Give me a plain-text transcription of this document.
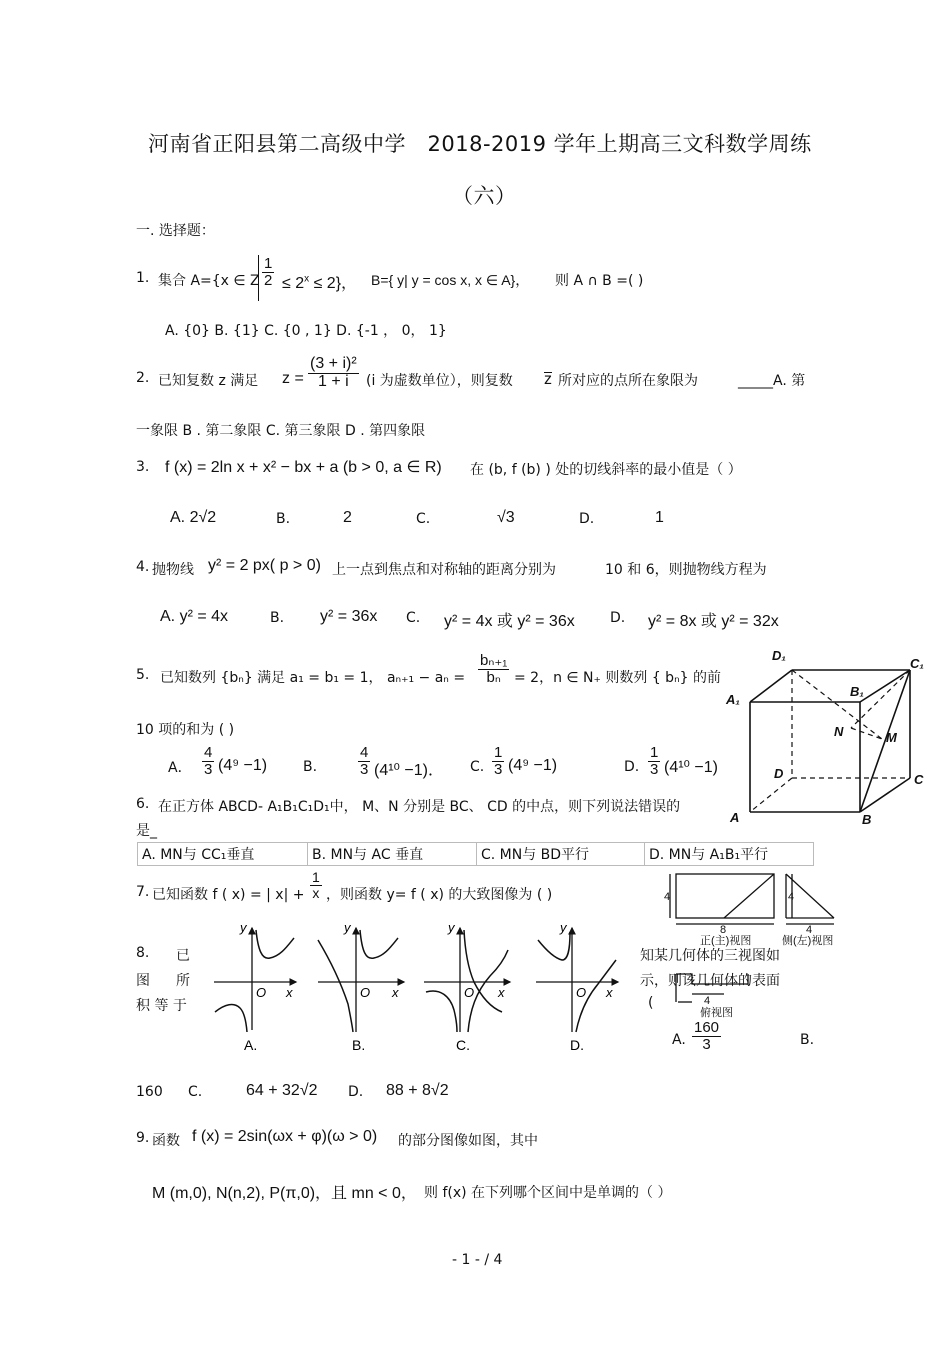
河南省正阳县第二高级中学　2018-2019 学年上期高三文科数学周练
（六）
一. 选择题：
1. 集合 A={x ∈ Z $\frac{1}{2} \le 2^x \le 2$}， B={ y| y = cos x, x ∈ A}， 则 A ∩ B =( )
A. {0} B. {1} C. {0 , 1} D. {-1 ， 0， 1}
2. 已知复数 z 满足 $z = \frac{\text{(3 + i)²}}{1 + i} (i$ 为虚数单位），则复数 z 所对应的点所在象限为	_____A. 第
一象限 B . 第二象限 C. 第三象限 D . 第四象限
3. f (x) = 2ln x + x² − bx + a (b > 0, a ∈ R) 在 (b, f (b) ) 处的切线斜率的最小值是（ ）
A. 2√2	B.	2	C.	√3	D.	1
4. 抛物线 y² = 2 px( p > 0) 上一点到焦点和对称轴的距离分别为	10 和 6，则抛物线方程为
A. y² = 4x	B. y² = 36x C. y² = 4x 或 y² = 36x	D. y² = 8x 或 y² = 32x
5. 已知数列 {bₙ} 满足 a₁ = b₁ = 1， $a_{n+1} - a_n = \frac{\text{bₙ₊₁}}{\text{bₙ}} = 2$，n ∈ N₊ 则数列 { bₙ} 的前
10 项的和为 ( )
A． $\frac{4}{3} (4^9 -1)$	B.	$\frac{4}{3} (4^{10} -1)$． C. $\frac{1}{3} (4^9 -1)$	D. $\frac{1}{3} (4^{10} -1)$
D₁
C₁
B₁
A₁
N	M
D	C
A	B
6. 在正方体 ABCD- A₁B₁C₁D₁中， M、N 分别是 BC、 CD 的中点，则下列说法错误的
是_
A. MN与 CC₁垂直	B. MN与 AC 垂直	C. MN与 BD平行	D. MN与 A₁B₁平行
7. 已知函数 f ( x) = | $x| + \frac{1}{x}$ ，则函数 y= f ( x) 的大致图像为 ( )
y
x
O
A.
y
x
O
B.
y
x
O
C.
y
x
O
D.
4
8
4
4
4
正(主)视图	侧(左)视图
俯视图
8. 已
图 所
积 等 于
知某几何体的三视图如
示，则该几何体的表面
(
A. $\frac{160}{3}$	B.
160 C.	64 + 32√2 D. 88 + 8√2
9. 函数 f (x) = 2sin(ωx + φ)(ω > 0) 的部分图像如图，其中
M (m,0), N(n,2), P(π,0)，且 mn < 0， 则 f(x) 在下列哪个区间中是单调的（ ）
- 1 - / 4
